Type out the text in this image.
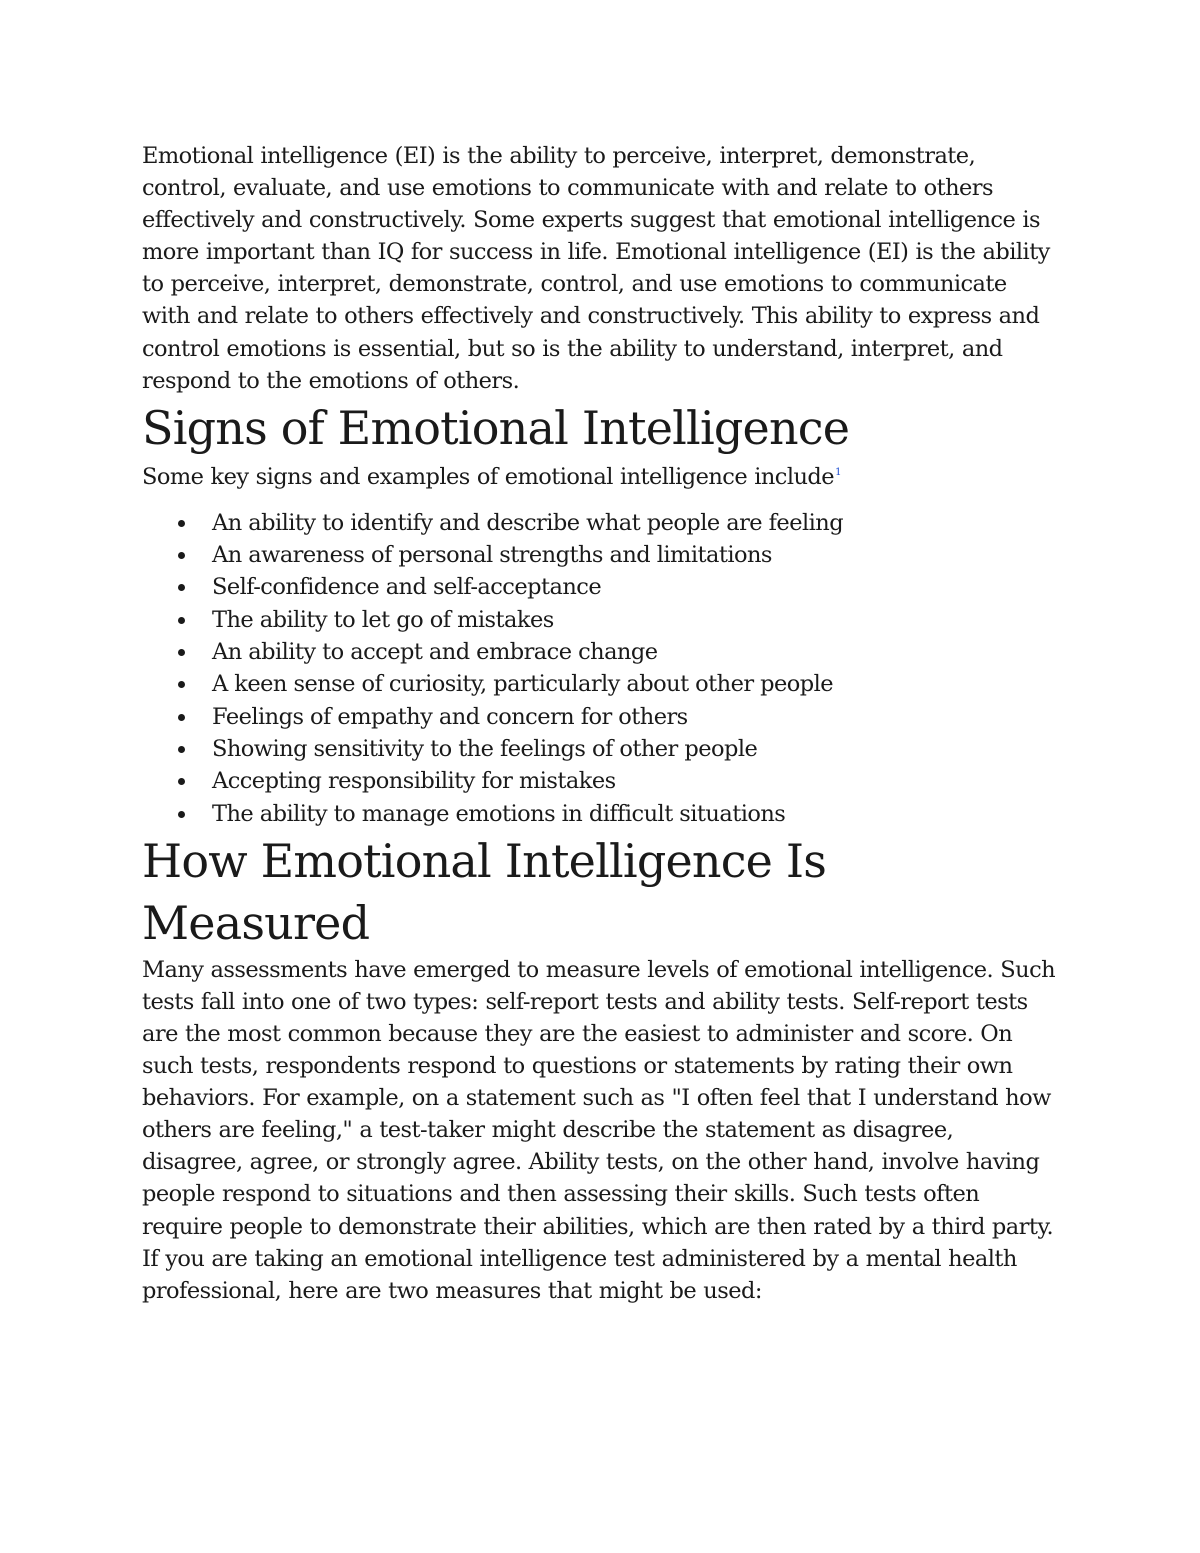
Emotional intelligence (EI) is the ability to perceive, interpret, demonstrate, control, evaluate, and use emotions to communicate with and relate to others effectively and constructively. Some experts suggest that emotional intelligence is more important than IQ for success in life. Emotional intelligence (EI) is the ability to perceive, interpret, demonstrate, control, and use emotions to communicate with and relate to others effectively and constructively. This ability to express and control emotions is essential, but so is the ability to understand, interpret, and respond to the emotions of others.

Signs of Emotional Intelligence

Some key signs and examples of emotional intelligence include$^1$

An ability to identify and describe what people are feeling
An awareness of personal strengths and limitations
Self-confidence and self-acceptance
The ability to let go of mistakes
An ability to accept and embrace change
A keen sense of curiosity, particularly about other people
Feelings of empathy and concern for others
Showing sensitivity to the feelings of other people
Accepting responsibility for mistakes
The ability to manage emotions in difficult situations
How Emotional Intelligence Is Measured

Many assessments have emerged to measure levels of emotional intelligence. Such tests fall into one of two types: self-report tests and ability tests. Self-report tests are the most common because they are the easiest to administer and score. On such tests, respondents respond to questions or statements by rating their own behaviors. For example, on a statement such as "I often feel that I understand how others are feeling," a test-taker might describe the statement as disagree, disagree, agree, or strongly agree. Ability tests, on the other hand, involve having people respond to situations and then assessing their skills. Such tests often require people to demonstrate their abilities, which are then rated by a third party. If you are taking an emotional intelligence test administered by a mental health professional, here are two measures that might be used:
